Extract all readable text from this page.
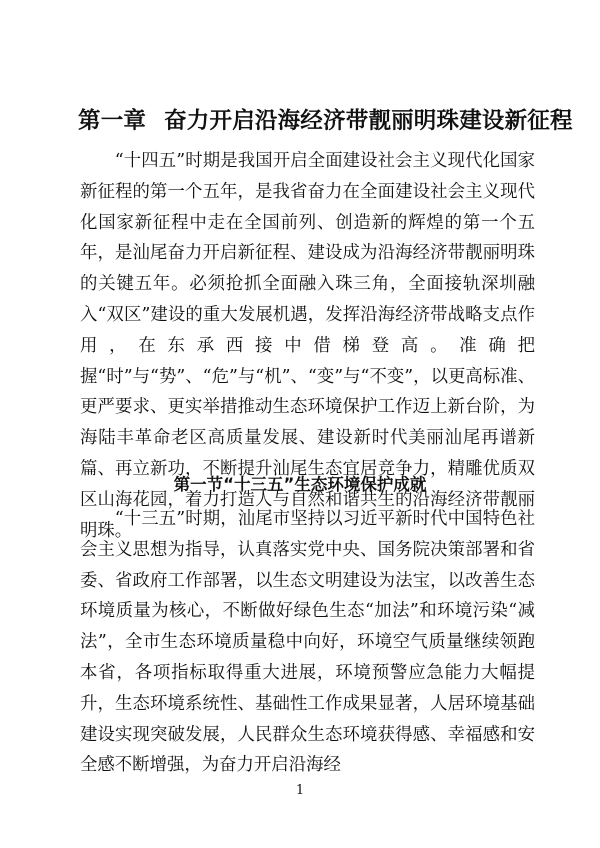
第一章 奋力开启沿海经济带靓丽明珠建设新征程

“十四五”时期是我国开启全面建设社会主义现代化国家新征程的第一个五年，是我省奋力在全面建设社会主义现代化国家新征程中走在全国前列、创造新的辉煌的第一个五年，是汕尾奋力开启新征程、建设成为沿海经济带靓丽明珠的关键五年。必须抢抓全面融入珠三角，全面接轨深圳融入“双区”建设的重大发展机遇，发挥沿海经济带战略支点作用，在东承西接中借梯登高。准确把握“时”与“势”、“危”与“机”、“变”与“不变”，以更高标准、更严要求、更实举措推动生态环境保护工作迈上新台阶，为海陆丰革命老区高质量发展、建设新时代美丽汕尾再谱新篇、再立新功，不断提升汕尾生态宜居竞争力，精雕优质双区山海花园，着力打造人与自然和谐共生的沿海经济带靓丽明珠。

第一节“十三五”生态环境保护成就

“十三五”时期，汕尾市坚持以习近平新时代中国特色社会主义思想为指导，认真落实党中央、国务院决策部署和省委、省政府工作部署，以生态文明建设为法宝，以改善生态环境质量为核心，不断做好绿色生态“加法”和环境污染“减法”，全市生态环境质量稳中向好，环境空气质量继续领跑本省，各项指标取得重大进展，环境预警应急能力大幅提升，生态环境系统性、基础性工作成果显著，人居环境基础建设实现突破发展，人民群众生态环境获得感、幸福感和安全感不断增强，为奋力开启沿海经

1
